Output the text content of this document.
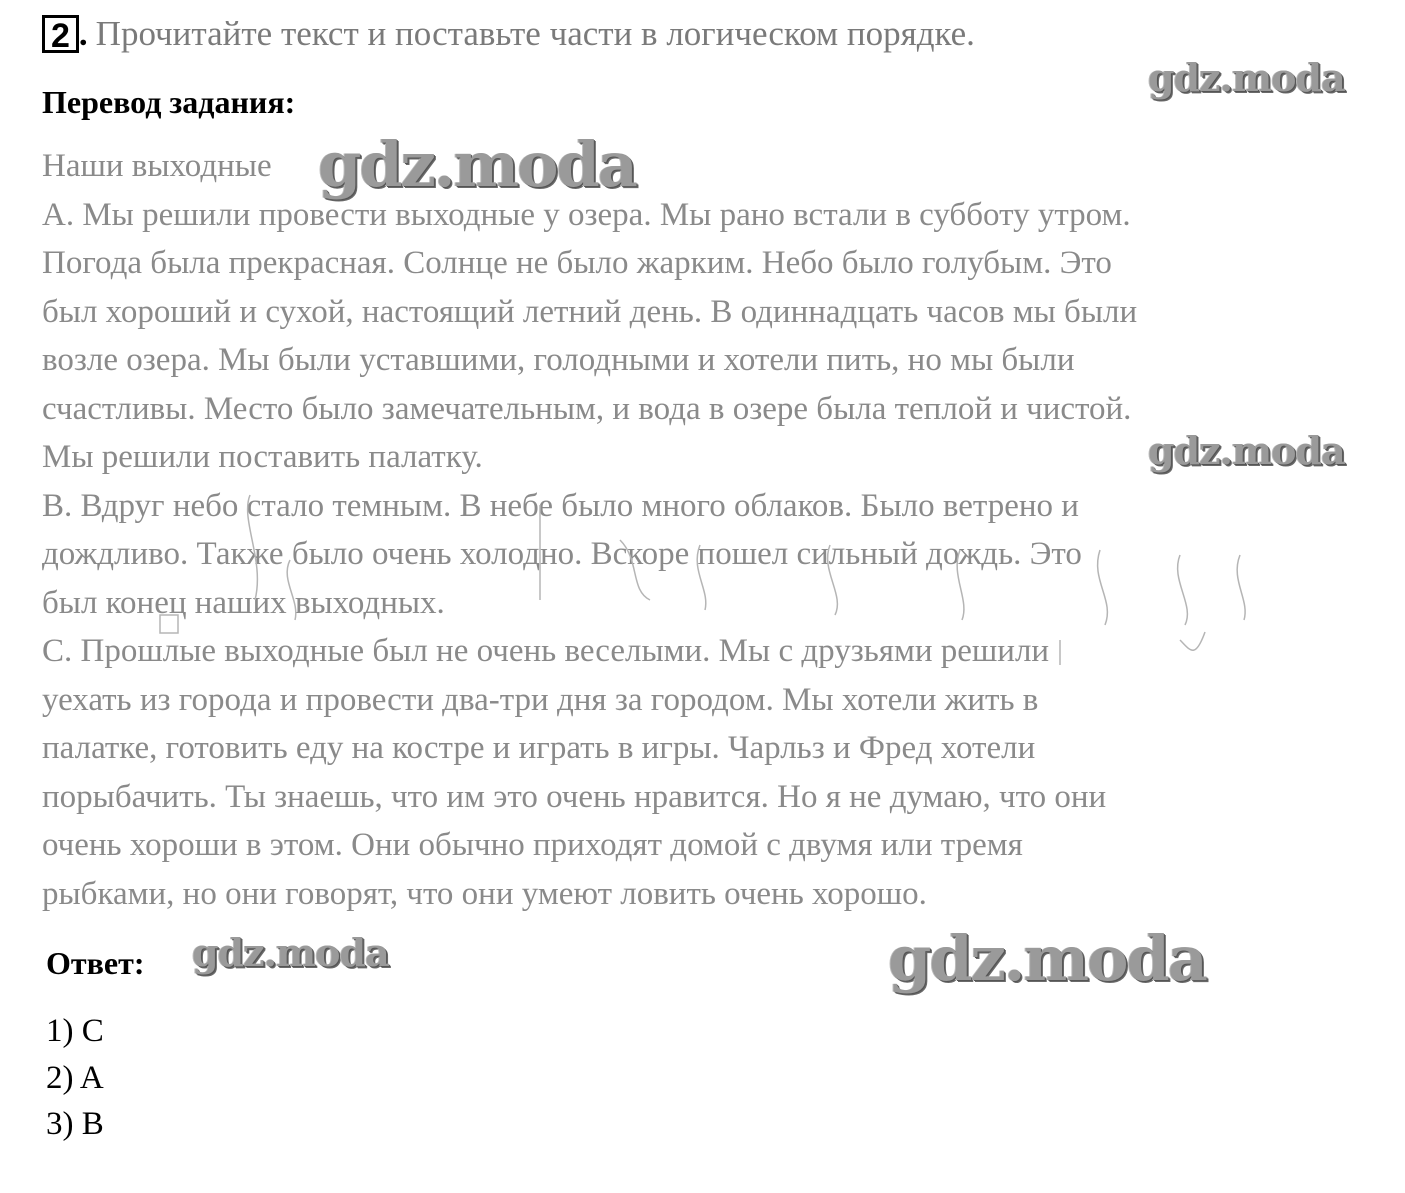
2 . Прочитайте текст и поставьте части в логическом порядке.
Перевод задания:
Наши выходные
A. Мы решили провести выходные у озера. Мы рано встали в субботу утром.
Погода была прекрасная. Солнце не было жарким. Небо было голубым. Это
был хороший и сухой, настоящий летний день. В одиннадцать часов мы были
возле озера. Мы были уставшими, голодными и хотели пить, но мы были
счастливы. Место было замечательным, и вода в озере была теплой и чистой.
Мы решили поставить палатку.
B. Вдруг небо стало темным. В небе было много облаков. Было ветрено и
дождливо. Также было очень холодно. Вскоре пошел сильный дождь. Это
был конец наших выходных.
C. Прошлые выходные был не очень веселыми. Мы с друзьями решили
уехать из города и провести два-три дня за городом. Мы хотели жить в
палатке, готовить еду на костре и играть в игры. Чарльз и Фред хотели
порыбачить. Ты знаешь, что им это очень нравится. Но я не думаю, что они
очень хороши в этом. Они обычно приходят домой с двумя или тремя
рыбками, но они говорят, что они умеют ловить очень хорошо.
Ответ:
1) C
2) A
3) B
gdz.moda
gdz.moda
gdz.moda
gdz.moda	gdz.moda
